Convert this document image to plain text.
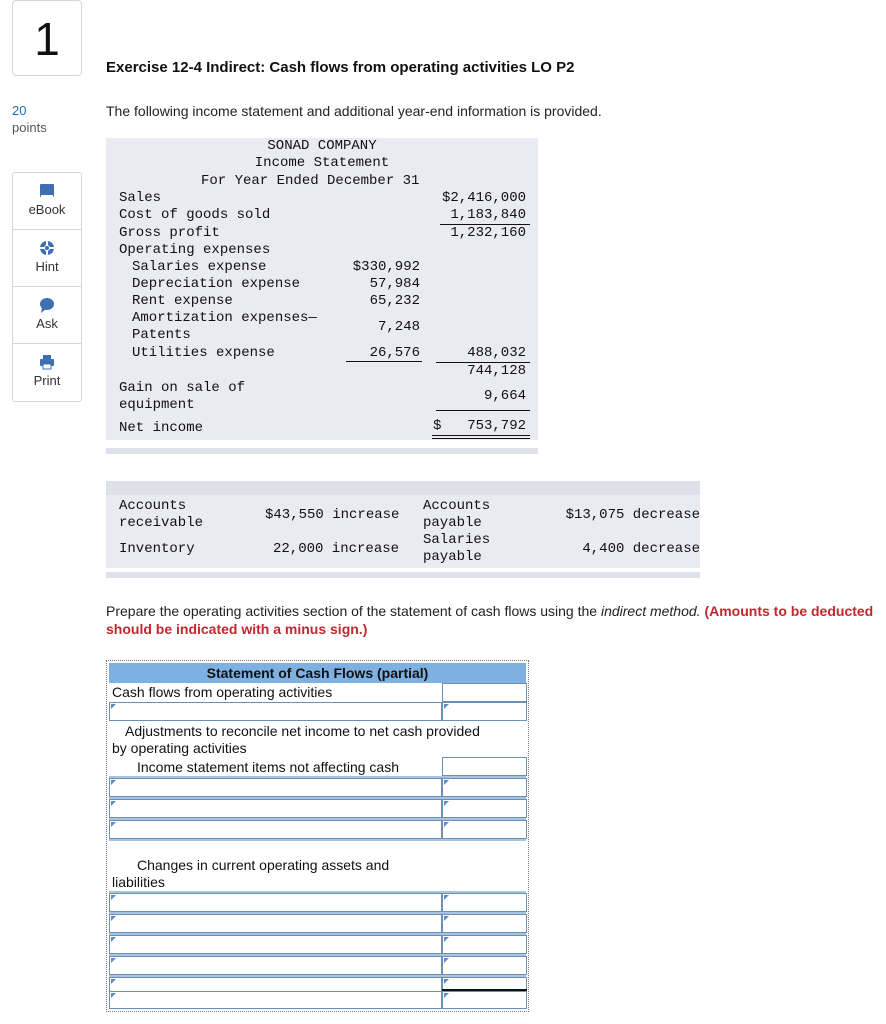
1
20
points
eBook
Hint
Ask
Print
Exercise 12-4 Indirect: Cash flows from operating activities LO P2
The following income statement and additional year-end information is provided.
SONAD COMPANY
Income Statement
For Year Ended December 31
Sales	$2,416,000
Cost of goods sold	1,183,840
Gross profit	1,232,160
Operating expenses
Salaries expense	$330,992
Depreciation expense	57,984
Rent expense	65,232
Amortization expenses—
Patents	7,248
Utilities expense	26,576	488,032
744,128
Gain on sale of
equipment
9,664
Net income	$ 753,792
Accounts
receivable	$43,550 increase
Accounts
payable	$13,075 decrease
Inventory	22,000 increase
Salaries
payable	4,400 decrease
Prepare the operating activities section of the statement of cash flows using the indirect method. (Amounts to be deducted should be indicated with a minus sign.)
Statement of Cash Flows (partial)
Cash flows from operating activities
Adjustments to reconcile net income to net cash provided
by operating activities
Income statement items not affecting cash
Changes in current operating assets and
liabilities
